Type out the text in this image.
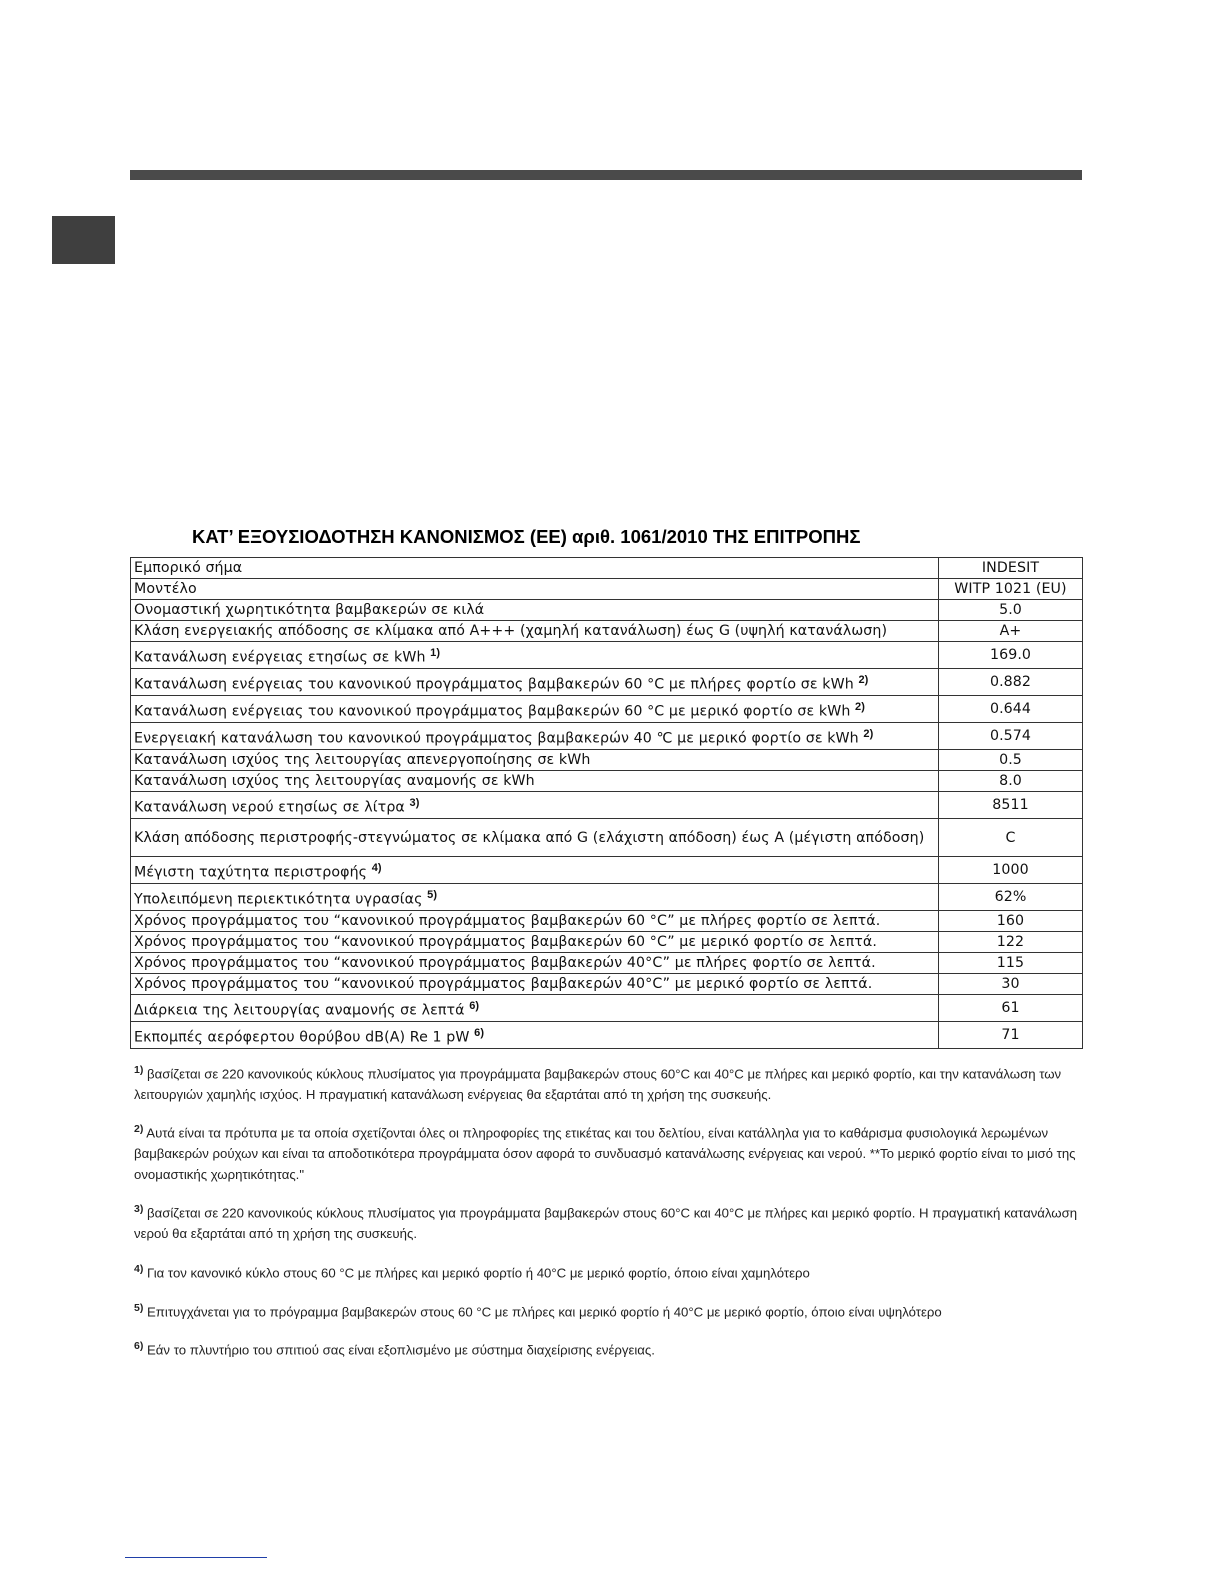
ΚΑΤ’ ΕΞΟΥΣΙΟΔΟΤΗΣΗ ΚΑΝΟΝΙΣΜΟΣ (ΕΕ) αριθ. 1061/2010 ΤΗΣ ΕΠΙΤΡΟΠΗΣ
Εμπορικό σήμα	INDESIT
Μοντέλο	WITP 1021 (EU)
Ονομαστική χωρητικότητα βαμβακερών σε κιλά	5.0
Κλάση ενεργειακής απόδοσης σε κλίμακα από A+++ (χαμηλή κατανάλωση) έως G (υψηλή κατανάλωση)	A+
Κατανάλωση ενέργειας ετησίως σε kWh $^{1)}$	169.0
Κατανάλωση ενέργειας του κανονικού προγράμματος βαμβακερών 60 °C με πλήρες φορτίο σε kWh $^{2)}$	0.882
Κατανάλωση ενέργειας του κανονικού προγράμματος βαμβακερών 60 °C με μερικό φορτίο σε kWh $^{2)}$	0.644
Ενεργειακή κατανάλωση του κανονικού προγράμματος βαμβακερών 40 ℃ με μερικό φορτίο σε kWh $^{2)}$	0.574
Κατανάλωση ισχύος της λειτουργίας απενεργοποίησης σε kWh	0.5
Κατανάλωση ισχύος της λειτουργίας αναμονής σε kWh	8.0
Κατανάλωση νερού ετησίως σε λίτρα $^{3)}$	8511
Κλάση απόδοσης περιστροφής-στεγνώματος σε κλίμακα από G (ελάχιστη απόδοση) έως A (μέγιστη απόδοση)	C
Μέγιστη ταχύτητα περιστροφής $^{4)}$	1000
Υπολειπόμενη περιεκτικότητα υγρασίας $^{5)}$	62%
Χρόνος προγράμματος του “κανονικού προγράμματος βαμβακερών 60 °C” με πλήρες φορτίο σε λεπτά.	160
Χρόνος προγράμματος του “κανονικού προγράμματος βαμβακερών 60 °C” με μερικό φορτίο σε λεπτά.	122
Χρόνος προγράμματος του “κανονικού προγράμματος βαμβακερών 40°C” με πλήρες φορτίο σε λεπτά.	115
Χρόνος προγράμματος του “κανονικού προγράμματος βαμβακερών 40°C” με μερικό φορτίο σε λεπτά.	30
Διάρκεια της λειτουργίας αναμονής σε λεπτά $^{6)}$	61
Εκπομπές αερόφερτου θορύβου dB(A) Re 1 pW $^{6)}$	71
$^{1)}$ βασίζεται σε 220 κανονικούς κύκλους πλυσίματος για προγράμματα βαμβακερών στους 60°C και 40°C με πλήρες και μερικό φορτίο, και την κατανάλωση των λειτουργιών χαμηλής ισχύος. Η πραγματική κατανάλωση ενέργειας θα εξαρτάται από τη χρήση της συσκευής.
$^{2)}$ Αυτά είναι τα πρότυπα με τα οποία σχετίζονται όλες οι πληροφορίες της ετικέτας και του δελτίου, είναι κατάλληλα για το καθάρισμα φυσιολογικά λερωμένων βαμβακερών ρούχων και είναι τα αποδοτικότερα προγράμματα όσον αφορά το συνδυασμό κατανάλωσης ενέργειας και νερού. **Το μερικό φορτίο είναι το μισό της ονομαστικής χωρητικότητας."
$^{3)}$ βασίζεται σε 220 κανονικούς κύκλους πλυσίματος για προγράμματα βαμβακερών στους 60°C και 40°C με πλήρες και μερικό φορτίο. Η πραγματική κατανάλωση νερού θα εξαρτάται από τη χρήση της συσκευής.
$^{4)}$ Για τον κανονικό κύκλο στους 60 °C με πλήρες και μερικό φορτίο ή 40°C με μερικό φορτίο, όποιο είναι χαμηλότερο
$^{5)}$ Επιτυγχάνεται για το πρόγραμμα βαμβακερών στους 60 °C με πλήρες και μερικό φορτίο ή 40°C με μερικό φορτίο, όποιο είναι υψηλότερο
$^{6)}$ Εάν το πλυντήριο του σπιτιού σας είναι εξοπλισμένο με σύστημα διαχείρισης ενέργειας.
